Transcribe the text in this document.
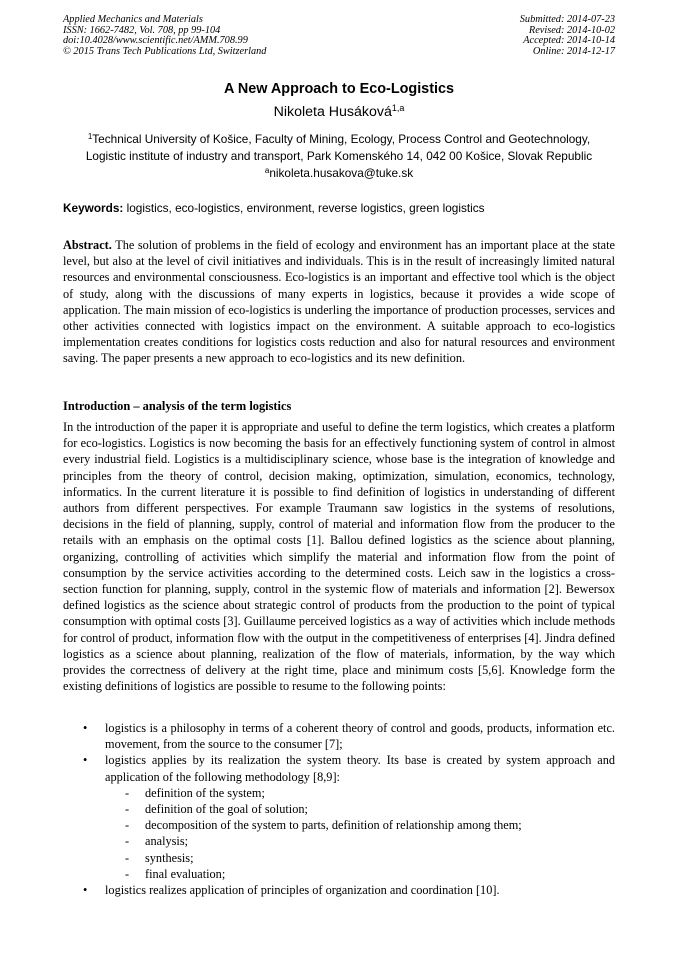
Applied Mechanics and Materials
ISSN: 1662-7482, Vol. 708, pp 99-104
doi:10.4028/www.scientific.net/AMM.708.99
© 2015 Trans Tech Publications Ltd, Switzerland
Submitted: 2014-07-23
Revised: 2014-10-02
Accepted: 2014-10-14
Online: 2014-12-17
A New Approach to Eco-Logistics
Nikoleta Husáková$^{1,a}$
$^1$Technical University of Košice, Faculty of Mining, Ecology, Process Control and Geotechnology,
Logistic institute of industry and transport, Park Komenského 14, 042 00 Košice, Slovak Republic
$^a$nikoleta.husakova@tuke.sk
Keywords: logistics, eco-logistics, environment, reverse logistics, green logistics
Abstract. The solution of problems in the field of ecology and environment has an important place at the state level, but also at the level of civil initiatives and individuals. This is in the result of increasingly limited natural resources and environmental consciousness. Eco-logistics is an important and effective tool which is the object of study, along with the discussions of many experts in logistics, because it provides a wide scope of application. The main mission of eco-logistics is underling the importance of production processes, services and other activities connected with logistics impact on the environment. A suitable approach to eco-logistics implementation creates conditions for logistics costs reduction and also for natural resources and environment saving. The paper presents a new approach to eco-logistics and its new definition.
Introduction – analysis of the term logistics
In the introduction of the paper it is appropriate and useful to define the term logistics, which creates a platform for eco-logistics. Logistics is now becoming the basis for an effectively functioning system of control in almost every industrial field. Logistics is a multidisciplinary science, whose base is the integration of knowledge and principles from the theory of control, decision making, optimization, simulation, economics, technology, informatics. In the current literature it is possible to find definition of logistics in understanding of different authors from different perspectives. For example Traumann saw logistics in the systems of resolutions, decisions in the field of planning, supply, control of material and information flow from the producer to the retails with an emphasis on the optimal costs [1]. Ballou defined logistics as the science about planning, organizing, controlling of activities which simplify the material and information flow from the point of consumption by the service activities according to the determined costs. Leich saw in the logistics a cross-section function for planning, supply, control in the systemic flow of materials and information [2]. Bewersox defined logistics as the science about strategic control of products from the production to the point of typical consumption with optimal costs [3]. Guillaume perceived logistics as a way of activities which include methods for control of product, information flow with the output in the competitiveness of enterprises [4]. Jindra defined logistics as a science about planning, realization of the flow of materials, information, by the way which provides the correctness of delivery at the right time, place and minimum costs [5,6]. Knowledge form the existing definitions of logistics are possible to resume to the following points:
• logistics is a philosophy in terms of a coherent theory of control and goods, products, information etc. movement, from the source to the consumer [7];
• logistics applies by its realization the system theory. Its base is created by system approach and application of the following methodology [8,9]:
- definition of the system;
- definition of the goal of solution;
- decomposition of the system to parts, definition of relationship among them;
- analysis;
- synthesis;
- final evaluation;
• logistics realizes application of principles of organization and coordination [10].
